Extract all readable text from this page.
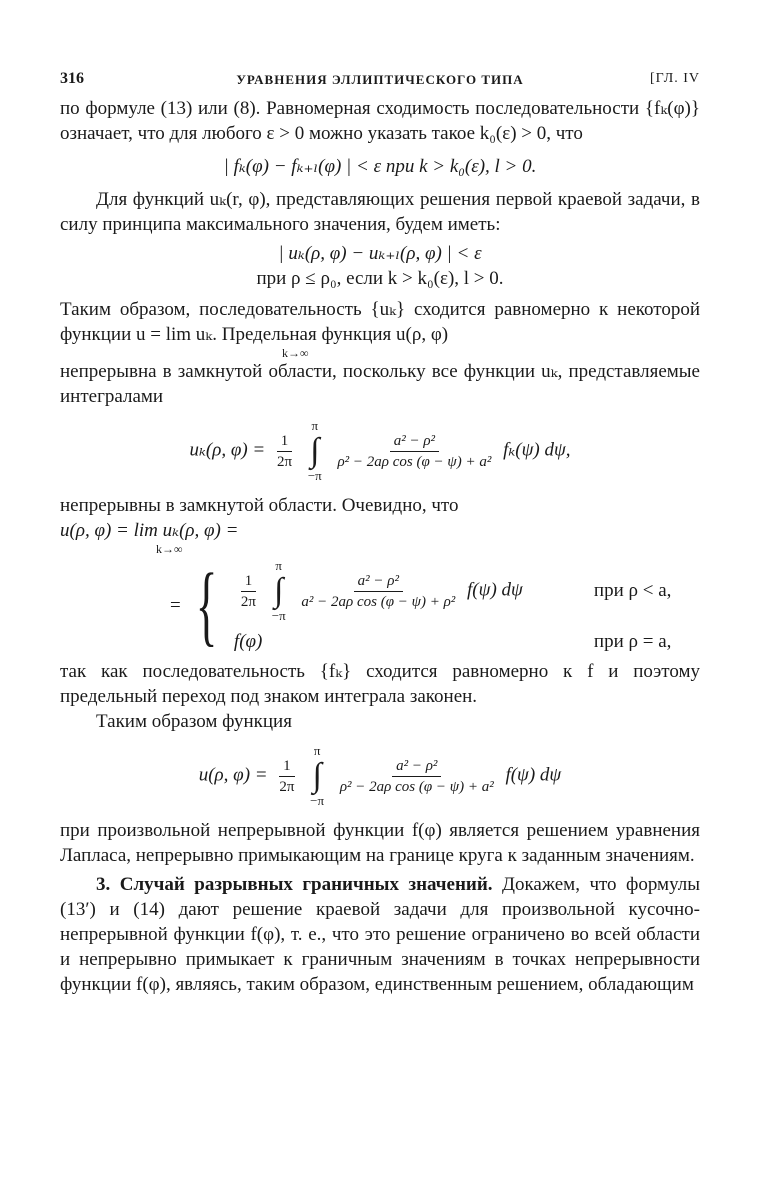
316	УРАВНЕНИЯ ЭЛЛИПТИЧЕСКОГО ТИПА	[ГЛ. IV

по формуле (13) или (8). Равномерная сходимость последовательности {fₖ(φ)} означает, что для любого ε > 0 можно указать такое k₀(ε) > 0, что

| fₖ(φ) − fₖ₊ₗ(φ) | < ε при k > k₀(ε), l > 0.

Для функций uₖ(r, φ), представляющих решения первой краевой задачи, в силу принципа максимального значения, будем иметь:

| uₖ(ρ, φ) − uₖ₊ₗ(ρ, φ) | < ε
при ρ ≤ ρ₀, если k > k₀(ε), l > 0.

Таким образом, последовательность {uₖ} сходится равномерно к некоторой функции u = lim uₖ. Предельная функция u(ρ, φ)

k→∞

непрерывна в замкнутой области, поскольку все функции uₖ, представляемые интегралами

uₖ(ρ, $\varphi) = \frac{1}{2\pi}$

π
∫
−π

$\frac{\text{a² − ρ²}}{\text{ρ² − 2aρ cos (φ − ψ) + a²}} f_k(\psi)$ dψ,

непрерывны в замкнутой области. Очевидно, что

u(ρ, φ) = lim uₖ(ρ, φ) =
k→∞
= { $\frac{1}{2\pi}$

π
∫
−π

$\frac{\text{a² − ρ²}}{\text{a² − 2aρ cos (φ − ψ) + ρ²}} f(\psi)$ dψ	при ρ < a,
f(φ)	при ρ = a,

так как последовательность {fₖ} сходится равномерно к f и поэтому предельный переход под знаком интеграла законен.

Таким образом функция

u(ρ, $\varphi) = \frac{1}{2\pi}$

π
∫
−π

$\frac{\text{a² − ρ²}}{\text{ρ² − 2aρ cos (φ − ψ) + a²}} f(\psi)$ dψ

при произвольной непрерывной функции f(φ) является решением уравнения Лапласа, непрерывно примыкающим на границе круга к заданным значениям.

3. Случай разрывных граничных значений. Докажем, что формулы (13′) и (14) дают решение краевой задачи для произвольной кусочно-непрерывной функции f(φ), т. е., что это решение ограничено во всей области и непрерывно примыкает к граничным значениям в точках непрерывности функции f(φ), являясь, таким образом, единственным решением, обладающим
